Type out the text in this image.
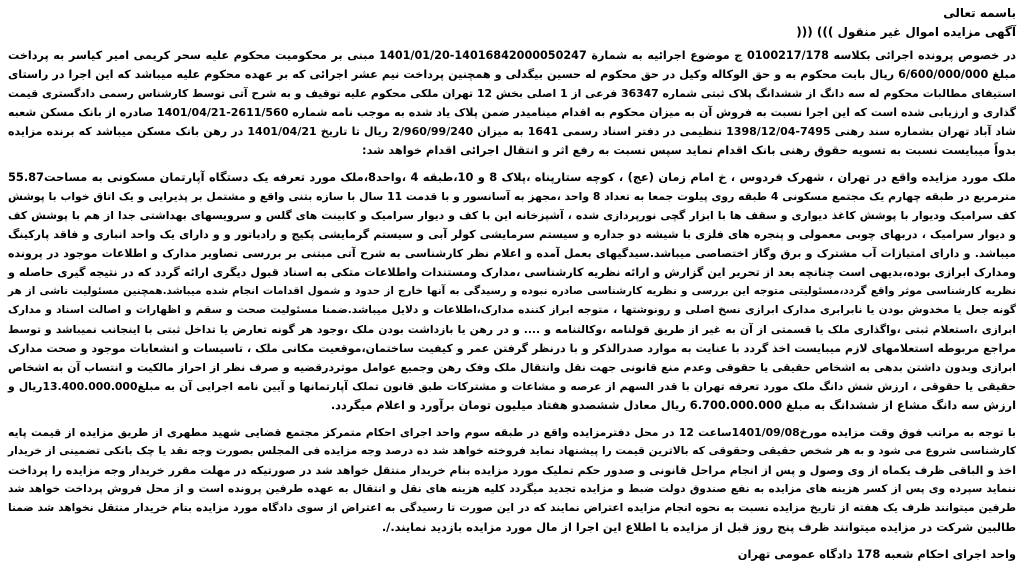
باسمه تعالی

آگهی مزایده اموال غیر منقول ))) (((

در خصوص پرونده اجرائی بکلاسه 0100217/178 ج موضوع اجرائیه به شمارة 14016842000050247-1401/01/20 مبنی بر محکومیت محکوم علیه سحر کریمی امیر کیاسر به پرداخت

مبلغ 6/600/000/000 ریال بابت محکوم به و حق الوکاله وکیل در حق محکوم له حسین بیگدلی و همچنین پرداخت نیم عشر اجرائی که بر عهده محکوم علیه میباشد که این اجرا در راستای

استیفای مطالبات محکوم له سه دانگ از ششدانگ پلاک ثبتی شماره 36347 فرعی از 1 اصلی بخش 12 تهران ملکی محکوم علیه توقیف و به شرح آتی توسط کارشناس رسمی دادگستری قیمت

گذاری و ارزیابی شده است که این اجرا نسبت به فروش آن به میزان محکوم به اقدام مینامیدر ضمن پلاک یاد شده به موجب نامه شماره 2611/560-1401/04/21 صادره از بانک مسکن شعبه

شاد آباد تهران بشماره سند رهنی 7495-1398/12/04 تنظیمی در دفتر اسناد رسمی 1641 به میزان 2/960/99/240 ریال تا تاریخ 1401/04/21 در رهن بانک مسکن میباشد که برنده مزایده

بدواً میبایست نسبت به تسویه حقوق رهنی بانک اقدام نماید سپس نسبت به رفع اثر و انتقال اجرائی اقدام خواهد شد:

ملک مورد مزایده واقع در تهران ، شهرک فردوس ، خ امام زمان (عج) ، کوچه ستارپناه ،پلاک 8 و 10،طبقه 4 ،واحد8،ملک مورد تعرفه یک دستگاه آپارتمان مسکونی به مساحت55.87

مترمربع در طبقه چهارم یک مجتمع مسکونی 4 طبقه روی پیلوت جمعا به تعداد 8 واحد ،مجهز به آسانسور و با قدمت 11 سال با سازه بتنی واقع و مشتمل بر پذیرایی و یک اتاق خواب با پوشش

کف سرامیک ودیوار با پوشش کاغذ دیواری و سقف ها با ابزار گچی نورپردازی شده ، آشپزخانه این با کف و دیوار سرامیک و کابینت های گلس و سرویسهای بهداشتی جدا از هم با پوشش کف

و دیوار سرامیک ، دربهای چوبی معمولی و پنجره های فلزی با شیشه دو جداره و سیستم سرمایشی کولر آبی و سیستم گرمایشی پکیج و رادیاتور و و دارای یک واحد انباری و فاقد پارکینگ

میباشد. و دارای امتیازات آب مشترک و برق وگاز اختصاصی میباشد.سیدگیهای بعمل آمده و اعلام نظر کارشناسی به شرح آتی مبتنی بر بررسی تصاویر مدارک و اطلاعات موجود در پرونده

ومدارک ابرازی بوده،بدیهی است چنانچه بعد از تحریر این گزارش و ارائه نظریه کارشناسی ،مدارک ومستندات واطلاعات متکی به اسناد قبول دیگری ارائه گردد که در نتیجه گیری حاصله و

نظریه کارشناسی موثر واقع گردد،مسئولیتی متوجه این بررسی و نظریه کارشناسی صادره نبوده و رسیدگی به آنها خارج از حدود و شمول اقدامات انجام شده میباشد.همچنین مسئولیت ناشی از هر

گونه جعل یا مخدوش بودن یا نابرابری مدارک ابرازی نسخ اصلی و رونوشتها ، متوجه ابراز کننده مدارک،اطلاعات و دلایل میباشد.ضمنا مسئولیت صحت و سقم و اظهارات و اصالت اسناد و مدارک

ابرازی ،استعلام ثبتی ،واگذاری ملک یا قسمتی از آن به غیر از طریق قولنامه ،وکالتنامه و .... و در رهن یا بازداشت بودن ملک ،وجود هر گونه تعارض یا تداخل ثبتی با اینجانب نمیباشد و توسط

مراجع مربوطه استعلامهای لازم میبایست اخذ گردد با عنایت به موارد صدرالذکر و با درنظر گرفتن عمر و کیفیت ساختمان،موقعیت مکانی ملک ، تاسیسات و انشعابات موجود و صحت مدارک

ابرازی وبدون داشتن بدهی به اشخاص حقیقی یا حقوقی وعدم منع قانونی جهت نقل وانتقال ملک وفک رهن وجمیع عوامل موثردرقضیه و صرف نظر از احراز مالکیت و انتساب آن به اشخاص

حقیقی یا حقوقی ، ارزش شش دانگ ملک مورد تعرفه تهران با قدر السهم از عرصه و مشاعات و مشترکات طبق قانون تملک آپارتمانها و آیین نامه اجرایی آن به مبلغ13.400.000.000ریال و

ارزش سه دانگ مشاع از ششدانگ به مبلغ 6.700.000.000 ریال معادل ششصدو هفتاد میلیون تومان برآورد و اعلام میگردد.

با توجه به مراتب فوق وقت مزایده مورخ1401/09/08ساعت 12 در محل دفترمزایده واقع در طبقه سوم واحد اجرای احکام متمرکز مجتمع قضایی شهید مطهری از طریق مزایده از قیمت پایه

کارشناسی شروع می شود و به هر شخص حقیقی وحقوقی که بالاترین قیمت را پیشنهاد نماید فروخته خواهد شد ده درصد وجه مزایده فی المجلس بصورت وجه نقد یا چک بانکی تضمینی از خریدار

اخذ و الباقی ظرف یکماه از وی وصول و پس از انجام مراحل قانونی و صدور حکم تملیک مورد مزایده بنام خریدار منتقل خواهد شد در صورتیکه در مهلت مقرر خریدار وجه مزایده را پرداخت

ننماید سپرده وی پس از کسر هزینه های مزایده به نفع صندوق دولت ضبط و مزایده تجدید میگردد کلیه هزینه های نقل و انتقال به عهده طرفین پرونده است و از محل فروش پرداخت خواهد شد

طرفین میتوانند ظرف یک هفته از تاریخ مزایده نسبت به نحوه انجام مزایده اعتراض نمایند که در این صورت تا رسیدگی به اعتراض از سوی دادگاه مورد مزایده بنام خریدار منتقل نخواهد شد ضمنا

طالبین شرکت در مزایده میتوانند ظرف پنج روز قبل از مزایده با اطلاع این اجرا از مال مورد مزایده بازدید نمایند./.

واحد اجرای احکام شعبه 178 دادگاه عمومی تهران
